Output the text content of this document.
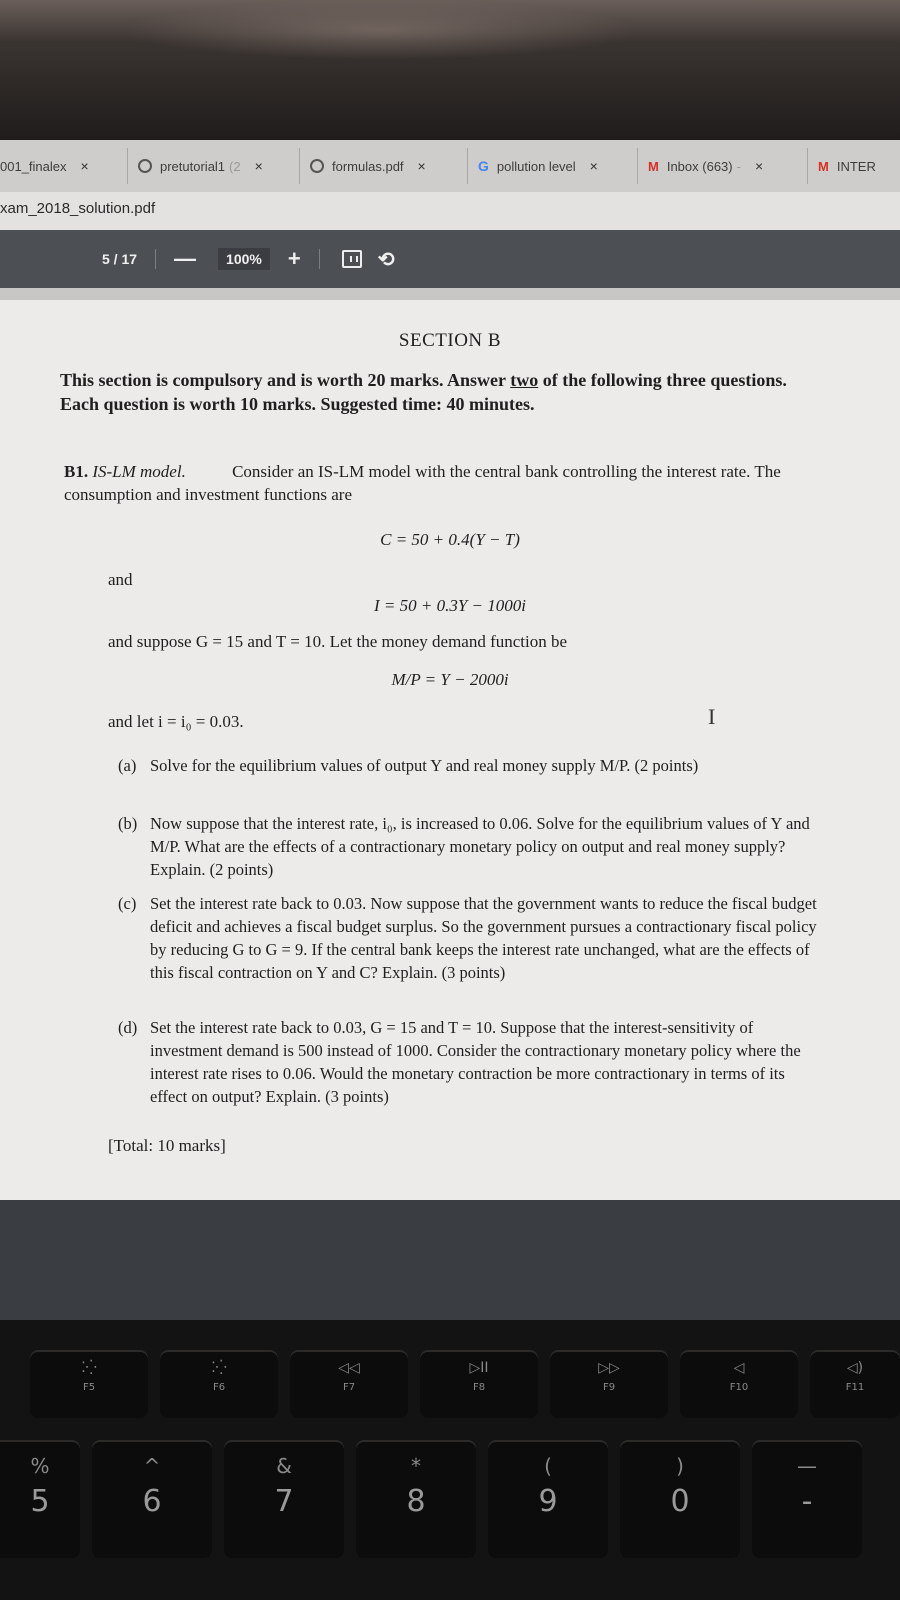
001_finalex ×	pretutorial1 (2 ×	formulas.pdf ×	G pollution level ×	M Inbox (663) - ×	M INTER
xam_2018_solution.pdf
5 / 17 —	100%	+	⟲
SECTION B
This section is compulsory and is worth 20 marks. Answer two of the following three questions. Each question is worth 10 marks. Suggested time: 40 minutes.
B1. IS-LM model. Consider an IS-LM model with the central bank controlling the interest rate. The consumption and investment functions are
C = 50 + 0.4(Y − T)
and
I = 50 + 0.3Y − 1000i
and suppose G = 15 and T = 10. Let the money demand function be
M/P = Y − 2000i
and let i = i₀ = 0.03.	I
(a) Solve for the equilibrium values of output Y and real money supply M/P. (2 points)
(b) Now suppose that the interest rate, i₀, is increased to 0.06. Solve for the equilibrium values of Y and M/P. What are the effects of a contractionary monetary policy on output and real money supply? Explain. (2 points)
(c) Set the interest rate back to 0.03. Now suppose that the government wants to reduce the fiscal budget deficit and achieves a fiscal budget surplus. So the government pursues a contractionary fiscal policy by reducing G to G = 9. If the central bank keeps the interest rate unchanged, what are the effects of this fiscal contraction on Y and C? Explain. (3 points)
(d) Set the interest rate back to 0.03, G = 15 and T = 10. Suppose that the interest-sensitivity of investment demand is 500 instead of 1000. Consider the contractionary monetary policy where the interest rate rises to 0.06. Would the monetary contraction be more contractionary in terms of its effect on output? Explain. (3 points)
[Total: 10 marks]
⁚⁛
F5
⁚⁛
F6
◁◁
F7
▷II
F8
▷▷
F9
◁
F10
◁)
F11
%
5
^
6
&
7
*
8
(
9
)
0
—
-
